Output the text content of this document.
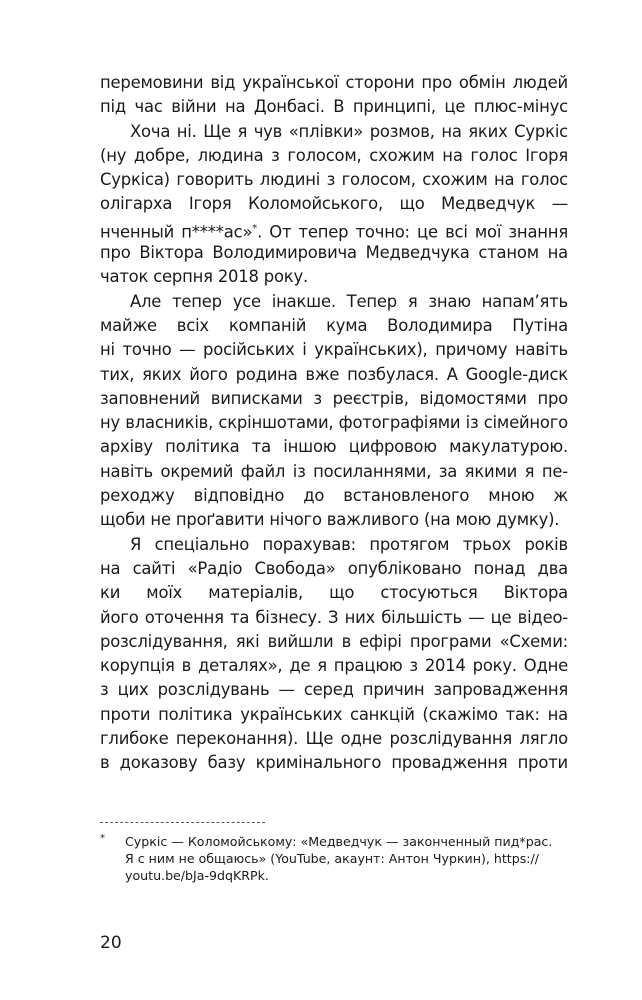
перемовини від української сторони про обмін людей
під час війни на Донбасі. В принципі, це плюс-мінус
Хоча ні. Ще я чув «плівки» розмов, на яких Суркіс
(ну добре, людина з голосом, схожим на голос Ігоря
Суркіса) говорить людині з голосом, схожим на голос
олігарха Ігоря Коломойського, що Медведчук —
нченный п****ас»*. От тепер точно: це всі мої знання
про Віктора Володимировича Медведчука станом на
чаток серпня 2018 року.
Але тепер усе інакше. Тепер я знаю напам’ять
майже всіх компаній кума Володимира Путіна
ні точно — російських і українських), причому навіть
тих, яких його родина вже позбулася. А Google-диск
заповнений виписками з реєстрів, відомостями про
ну власників, скріншотами, фотографіями із сімейного
архіву політика та іншою цифровою макулатурою.
навіть окремий файл із посиланнями, за якими я пе-
реходжу відповідно до встановленого мною ж
щоби не проґавити нічого важливого (на мою думку).
Я спеціально порахував: протягом трьох років
на сайті «Радіо Свобода» опубліковано понад два
ки моїх матеріалів, що стосуються Віктора
його оточення та бізнесу. З них більшість — це відео-
розслідування, які вийшли в ефірі програми «Схеми:
корупція в деталях», де я працюю з 2014 року. Одне
з цих розслідувань — серед причин запровадження
проти політика українських санкцій (скажімо так: на
глибоке переконання). Ще одне розслідування лягло
в доказову базу кримінального провадження проти
* Суркіс — Коломойському: «Медведчук — законченный пид*рас.
Я с ним не общаюсь» (YouTube, акаунт: Антон Чуркин), https://
youtu.be/bJa-9dqKRPk.
20
